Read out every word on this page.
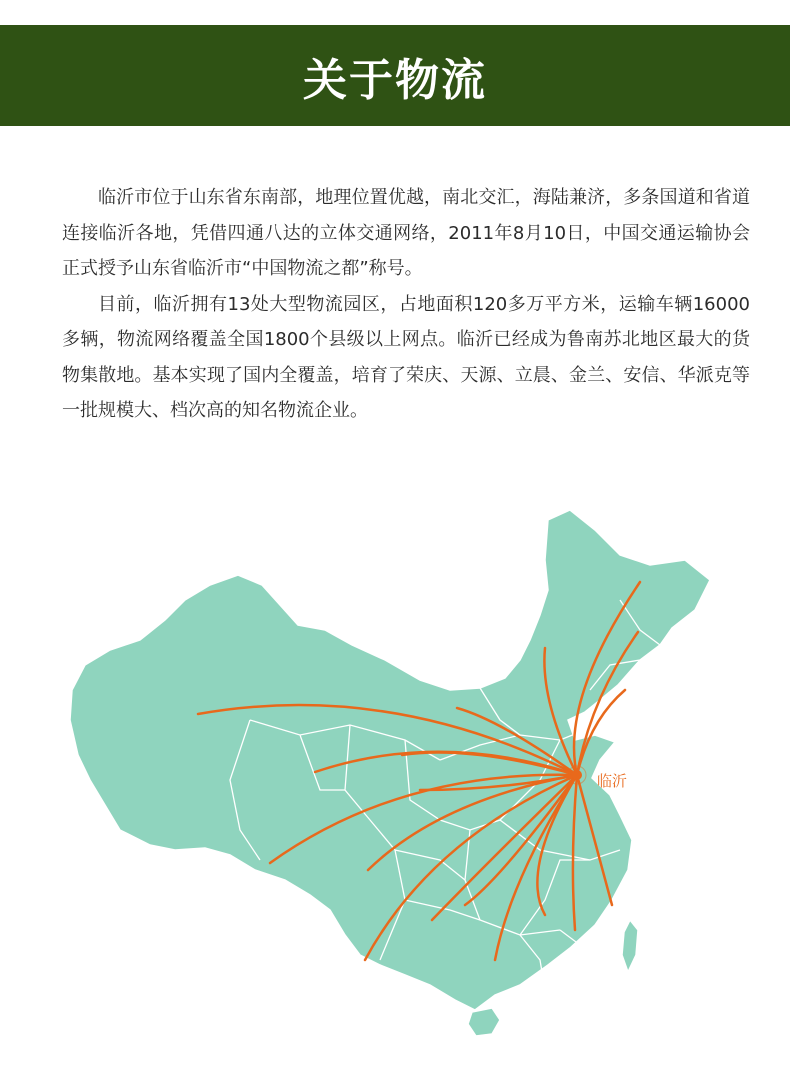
关于物流

临沂市位于山东省东南部，地理位置优越，南北交汇，海陆兼济，多条国道和省道连接临沂各地，凭借四通八达的立体交通网络，2011年8月10日，中国交通运输协会正式授予山东省临沂市“中国物流之都”称号。

目前，临沂拥有13处大型物流园区，占地面积120多万平方米，运输车辆16000多辆，物流网络覆盖全国1800个县级以上网点。临沂已经成为鲁南苏北地区最大的货物集散地。基本实现了国内全覆盖，培育了荣庆、天源、立晨、金兰、安信、华派克等一批规模大、档次高的知名物流企业。

临沂
